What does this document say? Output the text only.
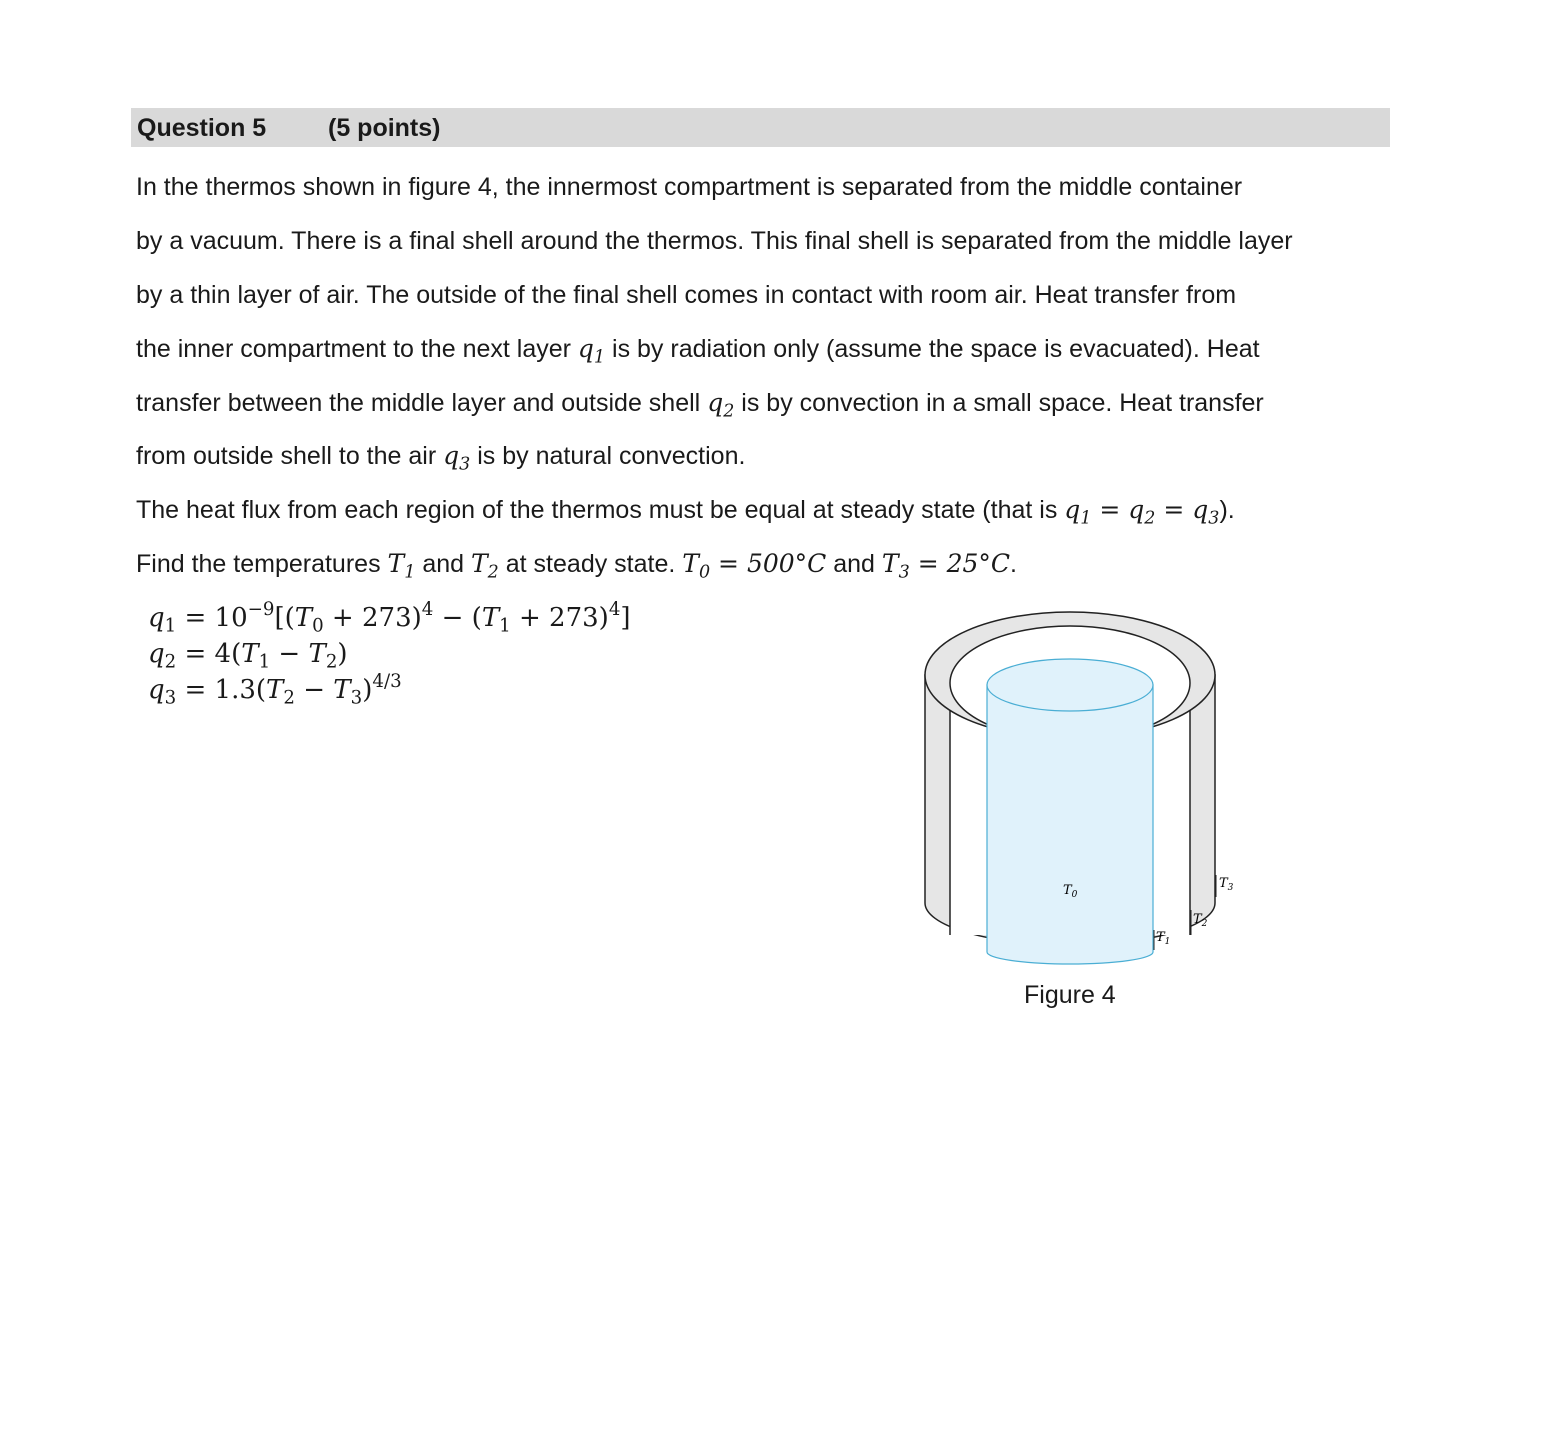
Question 5 (5 points)
In the thermos shown in figure 4, the innermost compartment is separated from the middle container
by a vacuum. There is a final shell around the thermos. This final shell is separated from the middle layer
by a thin layer of air. The outside of the final shell comes in contact with room air. Heat transfer from
the inner compartment to the next layer $q_1$ is by radiation only (assume the space is evacuated). Heat
transfer between the middle layer and outside shell $q_2$ is by convection in a small space. Heat transfer
from outside shell to the air $q_3$ is by natural convection.
The heat flux from each region of the thermos must be equal at steady state (that is $q_1 = q_2 = q_3$).
Find the temperatures $T_1$ and $T_2$ at steady state. $T_0 = 500^\circ C$ and $T_3 = 25^\circ C$.
$q_1 = 10^{-9}[(T_0 + 273)^4 - (T_1 + 273)^4]$
$q_2 = 4(T_1 - T_2)$
$q_3 = 1.3(T_2 - T_3)^{4/3}$
$T_0$
$T_1$
$T_2$
$T_3$
Figure 4
